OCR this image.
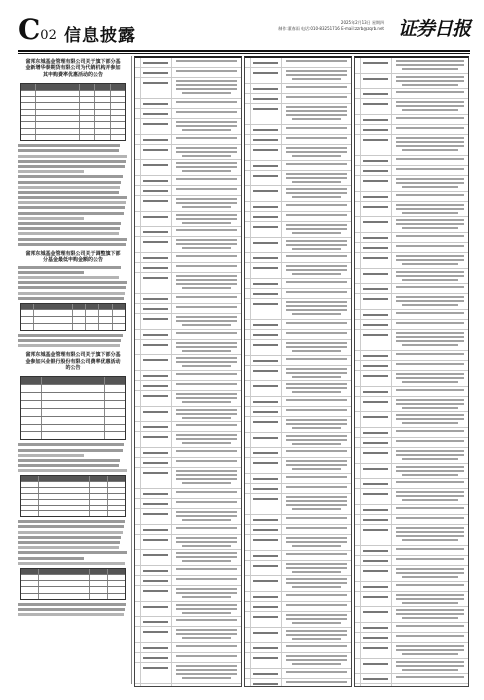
C02 信息披露
2025年2月13日 星期四
制作:董春雨 电话:010-83251716 E-mail:zzrb@zqrb.net 证券日报
富邦东城基金管理有限公司关于旗下部分基金新增华泰期货有限公司为代销机构并参加其申购费率优惠活动的公告
富邦东城基金管理有限公司关于调整旗下部分基金最低申购金额的公告
富邦东城基金管理有限公司关于旗下部分基金参加兴业银行股份有限公司费率优惠活动的公告
